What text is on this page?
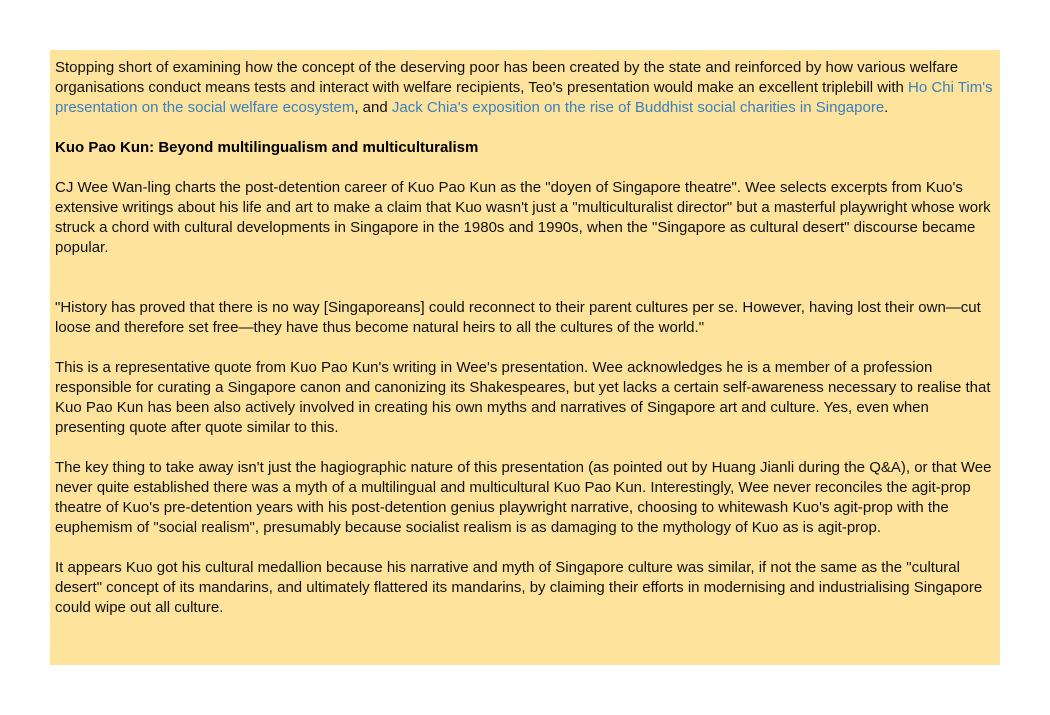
Stopping short of examining how the concept of the deserving poor has been created by the state and reinforced by how various welfare organisations conduct means tests and interact with welfare recipients, Teo's presentation would make an excellent triplebill with Ho Chi Tim's presentation on the social welfare ecosystem, and Jack Chia's exposition on the rise of Buddhist social charities in Singapore.

Kuo Pao Kun: Beyond multilingualism and multiculturalism

CJ Wee Wan-ling charts the post-detention career of Kuo Pao Kun as the "doyen of Singapore theatre". Wee selects excerpts from Kuo's extensive writings about his life and art to make a claim that Kuo wasn't just a "multiculturalist director" but a masterful playwright whose work struck a chord with cultural developments in Singapore in the 1980s and 1990s, when the "Singapore as cultural desert" discourse became popular.

"History has proved that there is no way [Singaporeans] could reconnect to their parent cultures per se. However, having lost their own—cut loose and therefore set free—they have thus become natural heirs to all the cultures of the world."

This is a representative quote from Kuo Pao Kun's writing in Wee's presentation. Wee acknowledges he is a member of a profession responsible for curating a Singapore canon and canonizing its Shakespeares, but yet lacks a certain self-awareness necessary to realise that Kuo Pao Kun has been also actively involved in creating his own myths and narratives of Singapore art and culture. Yes, even when presenting quote after quote similar to this.

The key thing to take away isn't just the hagiographic nature of this presentation (as pointed out by Huang Jianli during the Q&A), or that Wee never quite established there was a myth of a multilingual and multicultural Kuo Pao Kun. Interestingly, Wee never reconciles the agit-prop theatre of Kuo's pre-detention years with his post-detention genius playwright narrative, choosing to whitewash Kuo's agit-prop with the euphemism of "social realism", presumably because socialist realism is as damaging to the mythology of Kuo as is agit-prop.

It appears Kuo got his cultural medallion because his narrative and myth of Singapore culture was similar, if not the same as the "cultural desert" concept of its mandarins, and ultimately flattered its mandarins, by claiming their efforts in modernising and industrialising Singapore could wipe out all culture.
